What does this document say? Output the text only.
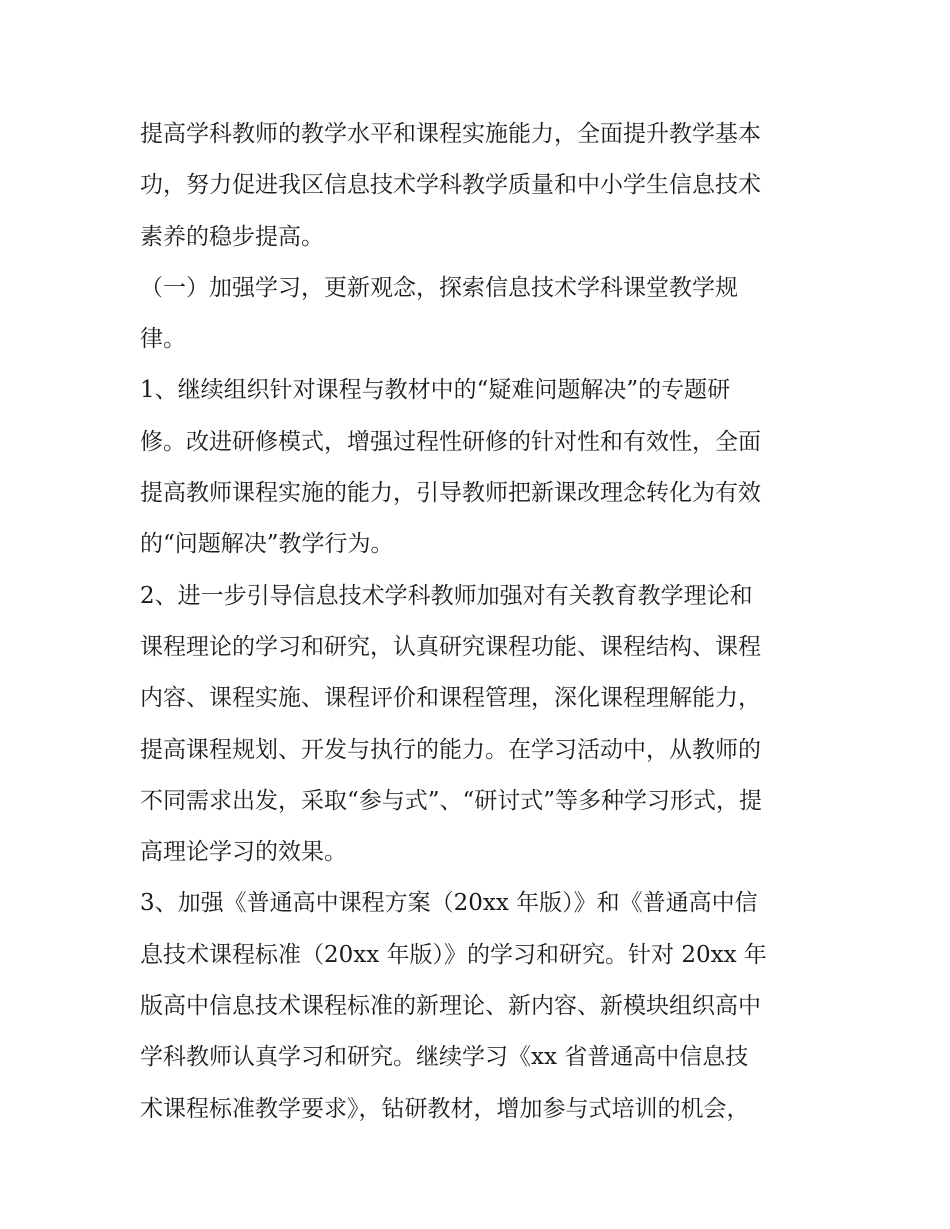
提高学科教师的教学水平和课程实施能力，全面提升教学基本
功，努力促进我区信息技术学科教学质量和中小学生信息技术
素养的稳步提高。
（一）加强学习，更新观念，探索信息技术学科课堂教学规
律。
1、继续组织针对课程与教材中的“疑难问题解决”的专题研
修。改进研修模式，增强过程性研修的针对性和有效性，全面
提高教师课程实施的能力，引导教师把新课改理念转化为有效
的“问题解决”教学行为。
2、进一步引导信息技术学科教师加强对有关教育教学理论和
课程理论的学习和研究，认真研究课程功能、课程结构、课程
内容、课程实施、课程评价和课程管理，深化课程理解能力，
提高课程规划、开发与执行的能力。在学习活动中，从教师的
不同需求出发，采取“参与式”、“研讨式”等多种学习形式，提
高理论学习的效果。
3、加强《普通高中课程方案（20xx 年版）》和《普通高中信
息技术课程标准（20xx 年版）》的学习和研究。针对 20xx 年
版高中信息技术课程标准的新理论、新内容、新模块组织高中
学科教师认真学习和研究。继续学习《xx 省普通高中信息技
术课程标准教学要求》，钻研教材，增加参与式培训的机会，
